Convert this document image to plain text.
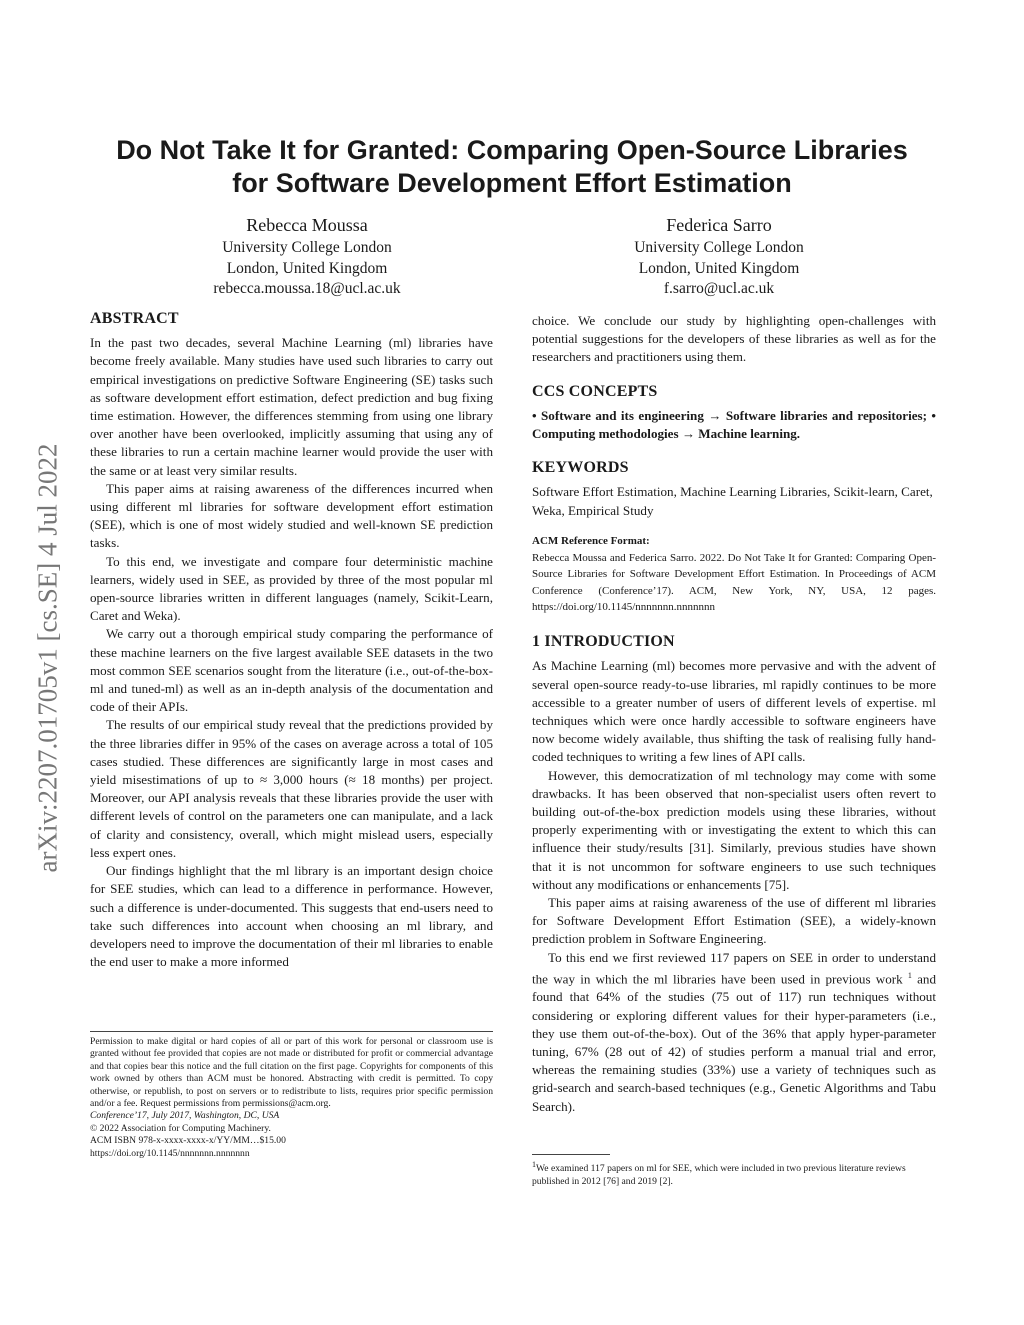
Do Not Take It for Granted: Comparing Open-Source Libraries
for Software Development Effort Estimation
Rebecca Moussa
University College London
London, United Kingdom
rebecca.moussa.18@ucl.ac.uk
Federica Sarro
University College London
London, United Kingdom
f.sarro@ucl.ac.uk
arXiv:2207.01705v1 [cs.SE] 4 Jul 2022
ABSTRACT

In the past two decades, several Machine Learning (ml) libraries have become freely available. Many studies have used such libraries to carry out empirical investigations on predictive Software Engineering (SE) tasks such as software development effort estimation, defect prediction and bug fixing time estimation. However, the differences stemming from using one library over another have been overlooked, implicitly assuming that using any of these libraries to run a certain machine learner would provide the user with the same or at least very similar results.

This paper aims at raising awareness of the differences incurred when using different ml libraries for software development effort estimation (SEE), which is one of most widely studied and well-known SE prediction tasks.

To this end, we investigate and compare four deterministic machine learners, widely used in SEE, as provided by three of the most popular ml open-source libraries written in different languages (namely, Scikit-Learn, Caret and Weka).

We carry out a thorough empirical study comparing the performance of these machine learners on the five largest available SEE datasets in the two most common SEE scenarios sought from the literature (i.e., out-of-the-box-ml and tuned-ml) as well as an in-depth analysis of the documentation and code of their APIs.

The results of our empirical study reveal that the predictions provided by the three libraries differ in 95% of the cases on average across a total of 105 cases studied. These differences are significantly large in most cases and yield misestimations of up to ≈ 3,000 hours (≈ 18 months) per project. Moreover, our API analysis reveals that these libraries provide the user with different levels of control on the parameters one can manipulate, and a lack of clarity and consistency, overall, which might mislead users, especially less expert ones.

Our findings highlight that the ml library is an important design choice for SEE studies, which can lead to a difference in performance. However, such a difference is under-documented. This suggests that end-users need to take such differences into account when choosing an ml library, and developers need to improve the documentation of their ml libraries to enable the end user to make a more informed

Permission to make digital or hard copies of all or part of this work for personal or classroom use is granted without fee provided that copies are not made or distributed for profit or commercial advantage and that copies bear this notice and the full citation on the first page. Copyrights for components of this work owned by others than ACM must be honored. Abstracting with credit is permitted. To copy otherwise, or republish, to post on servers or to redistribute to lists, requires prior specific permission and/or a fee. Request permissions from permissions@acm.org.
Conference’17, July 2017, Washington, DC, USA
© 2022 Association for Computing Machinery.
ACM ISBN 978-x-xxxx-xxxx-x/YY/MM…$15.00
https://doi.org/10.1145/nnnnnnn.nnnnnnn

choice. We conclude our study by highlighting open-challenges with potential suggestions for the developers of these libraries as well as for the researchers and practitioners using them.

CCS CONCEPTS

• Software and its engineering → Software libraries and repositories; • Computing methodologies → Machine learning.

KEYWORDS

Software Effort Estimation, Machine Learning Libraries, Scikit-learn, Caret, Weka, Empirical Study

ACM Reference Format:

Rebecca Moussa and Federica Sarro. 2022. Do Not Take It for Granted: Comparing Open-Source Libraries for Software Development Effort Estimation. In Proceedings of ACM Conference (Conference’17). ACM, New York, NY, USA, 12 pages. https://doi.org/10.1145/nnnnnnn.nnnnnnn

1 INTRODUCTION

As Machine Learning (ml) becomes more pervasive and with the advent of several open-source ready-to-use libraries, ml rapidly continues to be more accessible to a greater number of users of different levels of expertise. ml techniques which were once hardly accessible to software engineers have now become widely available, thus shifting the task of realising fully hand-coded techniques to writing a few lines of API calls.

However, this democratization of ml technology may come with some drawbacks. It has been observed that non-specialist users often revert to building out-of-the-box prediction models using these libraries, without properly experimenting with or investigating the extent to which this can influence their study/results [31]. Similarly, previous studies have shown that it is not uncommon for software engineers to use such techniques without any modifications or enhancements [75].

This paper aims at raising awareness of the use of different ml libraries for Software Development Effort Estimation (SEE), a widely-known prediction problem in Software Engineering.

To this end we first reviewed 117 papers on SEE in order to understand the way in which the ml libraries have been used in previous work $^1$ and found that 64% of the studies (75 out of 117) run techniques without considering or exploring different values for their hyper-parameters (i.e., they use them out-of-the-box). Out of the 36% that apply hyper-parameter tuning, 67% (28 out of 42) of studies perform a manual trial and error, whereas the remaining studies (33%) use a variety of techniques such as grid-search and search-based techniques (e.g., Genetic Algorithms and Tabu Search).

$^1$We examined 117 papers on ml for SEE, which were included in two previous literature reviews published in 2012 [76] and 2019 [2].
